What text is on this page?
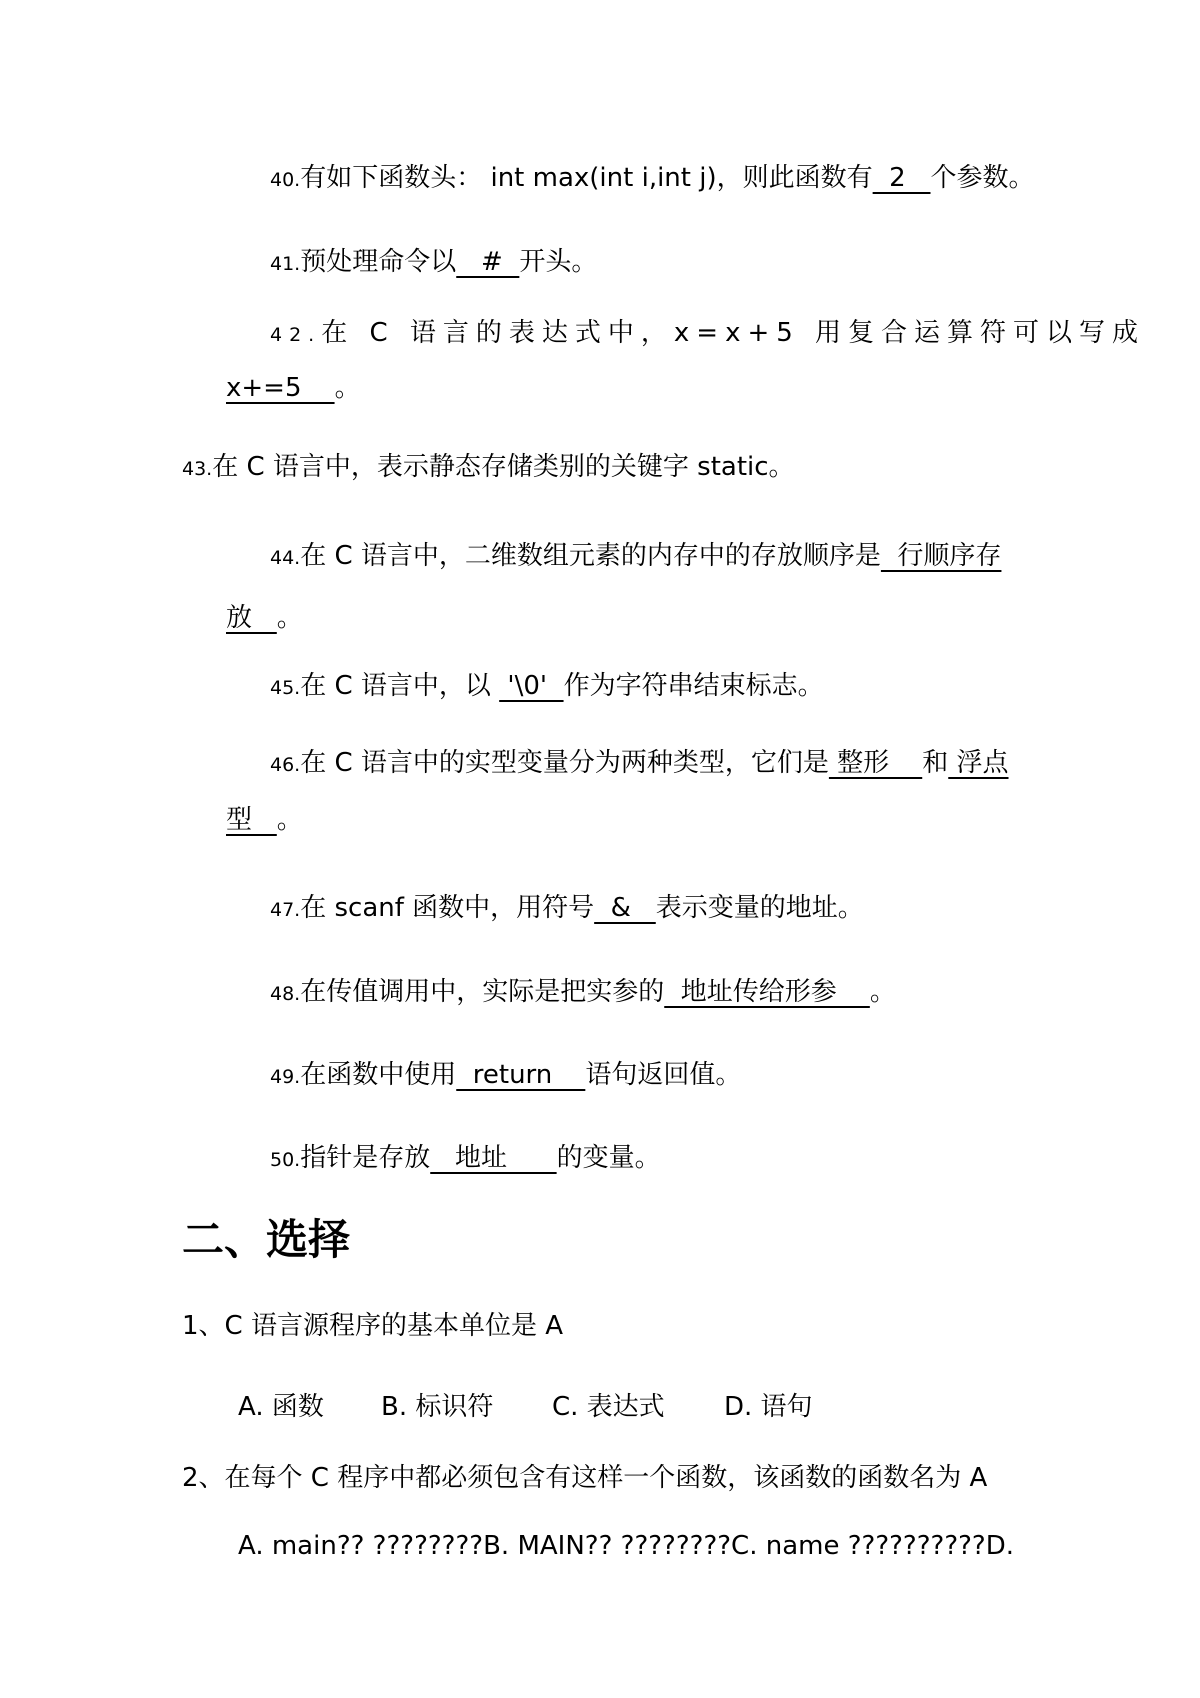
40.有如下函数头： int max(int i,int j)，则此函数有  2   个参数。
41.预处理命令以   #  开头。
42.在 C 语言的表达式中，x=x+5 用复合运算符可以写成
x+=5    。
43.在 C 语言中，表示静态存储类别的关键字 static。
44.在 C 语言中，二维数组元素的内存中的存放顺序是  行顺序存
放   。
45.在 C 语言中，以  '\0'  作为字符串结束标志。
46.在 C 语言中的实型变量分为两种类型，它们是 整形    和 浮点
型   。
47.在 scanf 函数中，用符号  &   表示变量的地址。
48.在传值调用中，实际是把实参的  地址传给形参    。
49.在函数中使用  return    语句返回值。
50.指针是存放   地址      的变量。
二、选择
1、C 语言源程序的基本单位是 A
A. 函数 B. 标识符 C. 表达式 D. 语句
2、在每个 C 程序中都必须包含有这样一个函数，该函数的函数名为 A
A. main?? ????????B. MAIN?? ????????C. name ??????????D.
